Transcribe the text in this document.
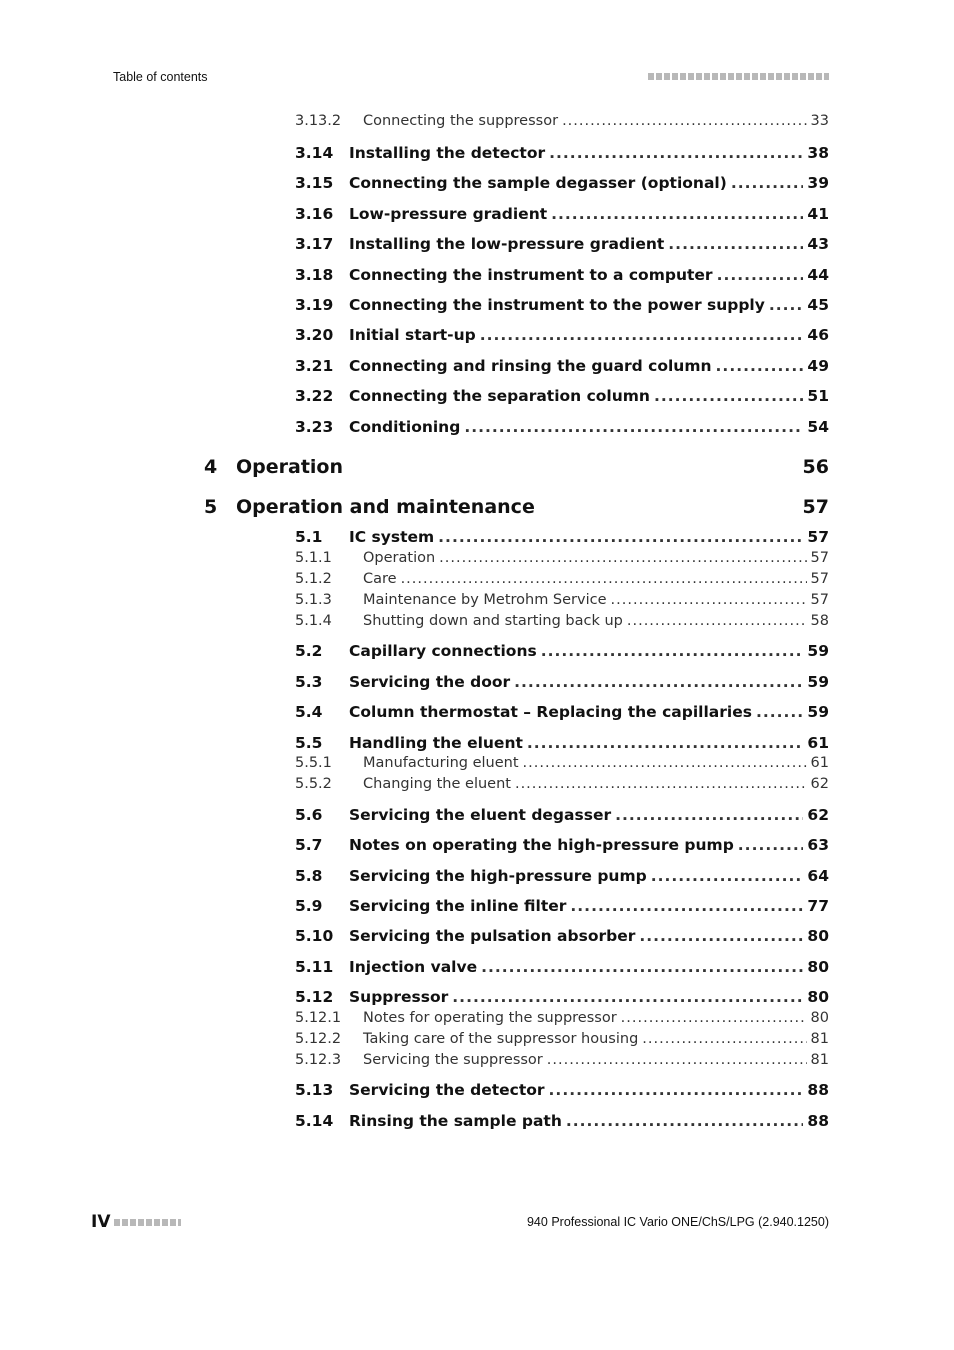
Table of contents
3.13.2 Connecting the suppressor .....	33
3.14 Installing the detector .....	38
3.15 Connecting the sample degasser (optional) .....	39
3.16 Low-pressure gradient .....	41
3.17 Installing the low-pressure gradient .....	43
3.18 Connecting the instrument to a computer .....	44
3.19 Connecting the instrument to the power supply .....	45
3.20 Initial start-up .....	46
3.21 Connecting and rinsing the guard column .....	49
3.22 Connecting the separation column .....	51
3.23 Conditioning .....	54
4 Operation	56
5 Operation and maintenance	57
5.1 IC system .....	57
5.1.1 Operation .....	57
5.1.2 Care .....	57
5.1.3 Maintenance by Metrohm Service .....	57
5.1.4 Shutting down and starting back up .....	58
5.2 Capillary connections .....	59
5.3 Servicing the door .....	59
5.4 Column thermostat – Replacing the capillaries .....	59
5.5 Handling the eluent .....	61
5.5.1 Manufacturing eluent .....	61
5.5.2 Changing the eluent .....	62
5.6 Servicing the eluent degasser .....	62
5.7 Notes on operating the high-pressure pump .....	63
5.8 Servicing the high-pressure pump .....	64
5.9 Servicing the inline filter .....	77
5.10 Servicing the pulsation absorber .....	80
5.11 Injection valve .....	80
5.12 Suppressor .....	80
5.12.1 Notes for operating the suppressor .....	80
5.12.2 Taking care of the suppressor housing .....	81
5.12.3 Servicing the suppressor .....	81
5.13 Servicing the detector .....	88
5.14 Rinsing the sample path .....	88
IV	940 Professional IC Vario ONE/ChS/LPG (2.940.1250)
